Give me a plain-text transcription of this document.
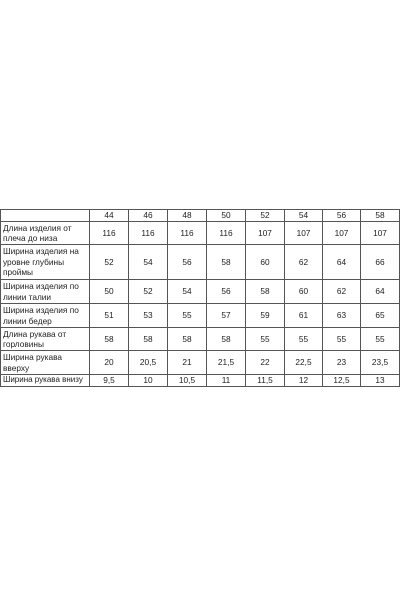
	44	46	48	50	52	54	56	58
Длина изделия от плеча до низа	116	116	116	116	107	107	107	107
Ширина изделия на уровне глубины проймы	52	54	56	58	60	62	64	66
Ширина изделия по линии талии	50	52	54	56	58	60	62	64
Ширина изделия по линии бедер	51	53	55	57	59	61	63	65
Длина рукава от горловины	58	58	58	58	55	55	55	55
Ширина рукава вверху	20	20,5	21	21,5	22	22,5	23	23,5
Ширина рукава внизу	9,5	10	10,5	11	11,5	12	12,5	13
